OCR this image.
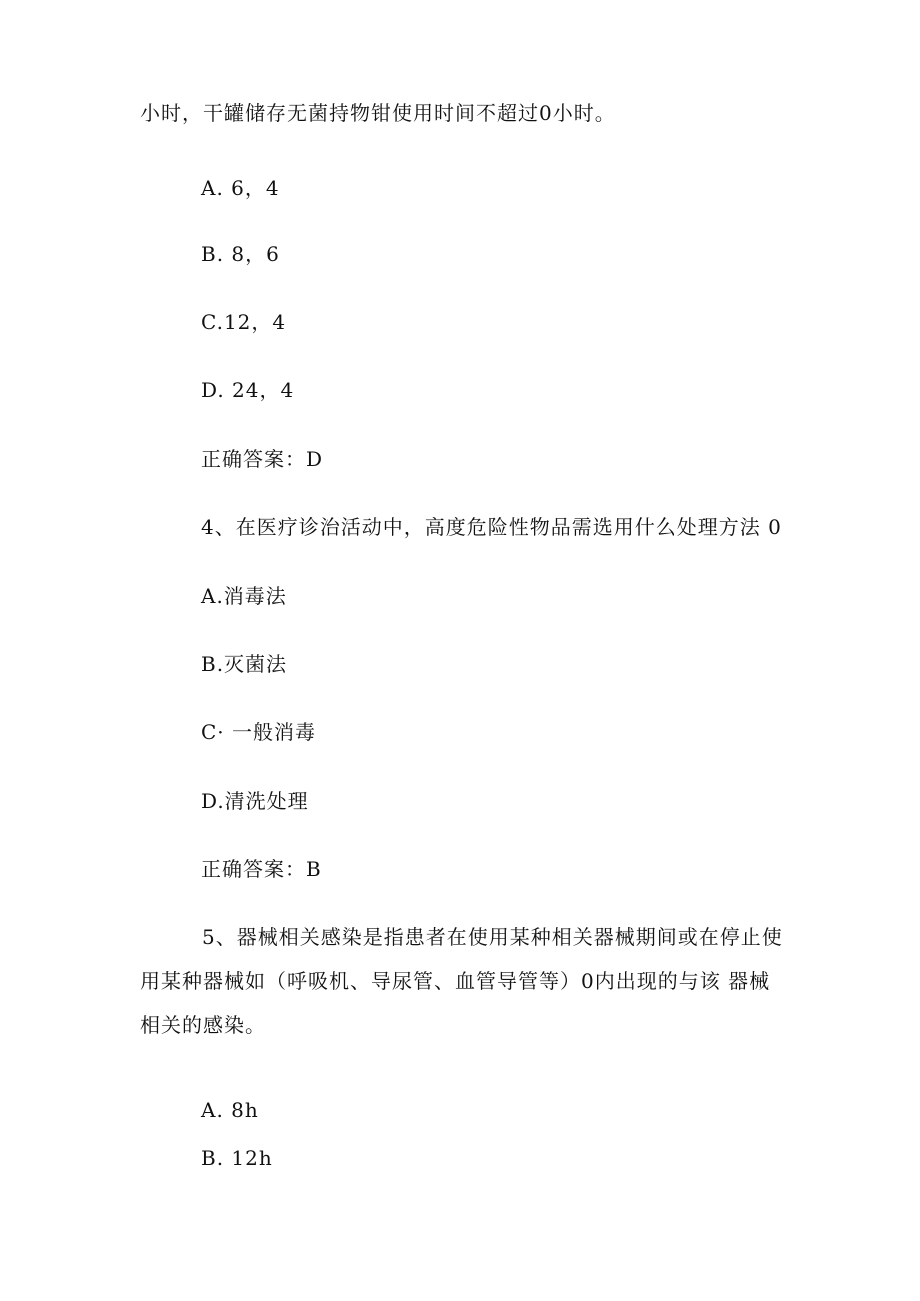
小时，干罐储存无菌持物钳使用时间不超过0小时。
A. 6，4
B. 8，6
C.12，4
D. 24，4
正确答案：D
4、在医疗诊治活动中，高度危险性物品需选用什么处理方法 0
A.消毒法
B.灭菌法
C· 一般消毒
D.清洗处理
正确答案：B
5、器械相关感染是指患者在使用某种相关器械期间或在停止使用某种器械如（呼吸机、导尿管、血管导管等）0内出现的与该 器械相关的感染。
A. 8h
B. 12h
